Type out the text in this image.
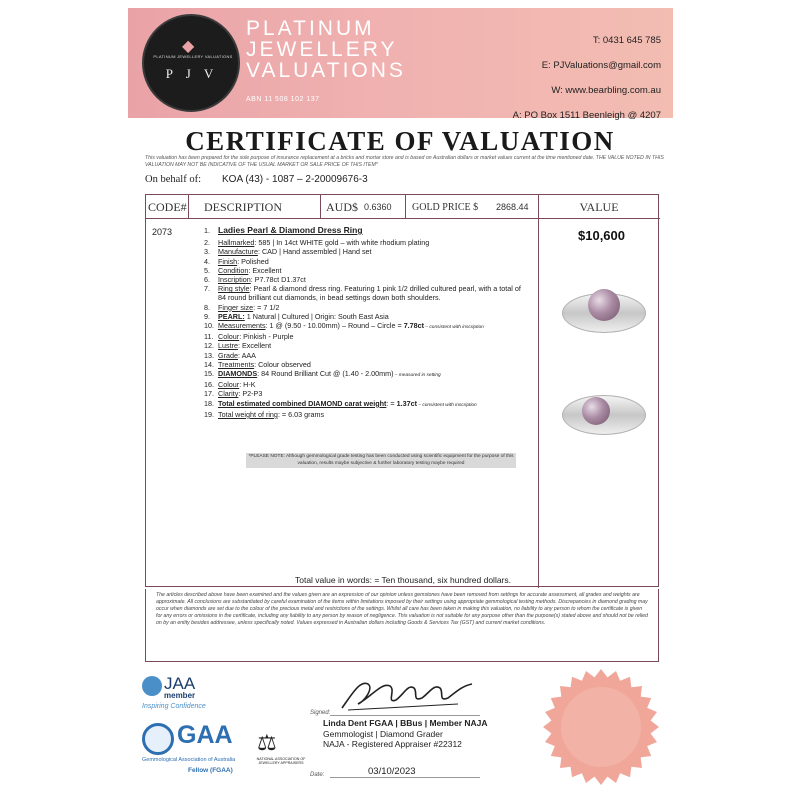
◆
PLATINUM JEWELLERY VALUATIONS
P J V
PLATINUM
JEWELLERY
VALUATIONS
ABN 11 508 102 137
T: 0431 645 785
E: PJValuations@gmail.com
W: www.bearbling.com.au
A: PO Box 1511 Beenleigh @ 4207
CERTIFICATE OF VALUATION
This valuation has been prepared for the sole purpose of insurance replacement at a bricks and mortar store and is based on Australian dollars or market values current at the time mentioned date. THE VALUE NOTED IN THIS VALUATION MAY NOT BE INDICATIVE OF THE USUAL MARKET OR SALE PRICE OF THIS ITEM*
On behalf of: KOA (43) - 1087 – 2-20009676-3
CODE# DESCRIPTION	AUD$ 0.6360	GOLD PRICE $	2868.44	VALUE
2073	$10,600
1. Ladies Pearl & Diamond Dress Ring
2.	Hallmarked: 585 | In 14ct WHITE gold – with white rhodium plating
3.	Manufacture: CAD | Hand assembled | Hand set
4.	Finish: Polished
5.	Condition: Excellent
6.	Inscription: P7.78ct D1.37ct
7.	Ring style: Pearl & diamond dress ring. Featuring 1 pink 1/2 drilled cultured pearl, with a total of
84 round brilliant cut diamonds, in bead settings down both shoulders.
8.	Finger size: = 7 1/2
9.	PEARL: 1 Natural | Cultured | Origin: South East Asia
10. Measurements: 1 @ (9.50 - 10.00mm) – Round – Circle = 7.78ct – consistent with inscription
11. Colour: Pinkish - Purple
12. Lustre: Excellent
13. Grade: AAA
14. Treatments: Colour observed
15. DIAMONDS: 84 Round Brilliant Cut @ (1.40 - 2.00mm) – measured in setting
16. Colour: H-K
17. Clarity: P2-P3
18. Total estimated combined DIAMOND carat weight: = 1.37ct – consistent with inscription
19. Total weight of ring: = 6.03 grams
*PLEASE NOTE: Although gemmological grade testing has been conducted using scientific equipment for the purpose of this valuation, results maybe subjective & further laboratory testing maybe required
Total value in words: = Ten thousand, six hundred dollars.
The articles described above have been examined and the values given are an expression of our opinion unless gemstones have been removed from settings for accurate assessment, all grades and weights are approximate. All conclusions are substantiated by careful examination of the items within limitations imposed by their settings using appropriate gemmological testing methods. Discrepancies in diamond grading may occur when diamonds are set due to the colour of the precious metal and restrictions of the settings. Whilst all care has been taken in making this valuation, no liability to any person to whom the certificate is given for any errors or omissions in the certificate, including any liability to any person by reason of negligence. This valuation is not suitable for any purpose other than the purpose(s) stated above and should not be relied on by an entity besides addressee, unless specifically noted. Values expressed in Australian dollars including Goods & Services Tax (GST) and current market conditions.
JAA
member
Inspiring Confidence
GAA
Gemmological Association of Australia
Fellow (FGAA)
⚖
NATIONAL ASSOCIATION OF JEWELLERY APPRAISERS
Signed:
Linda Dent FGAA | BBus | Member NAJA
Gemmologist | Diamond Grader
NAJA - Registered Appraiser #22312
Date:	03/10/2023
